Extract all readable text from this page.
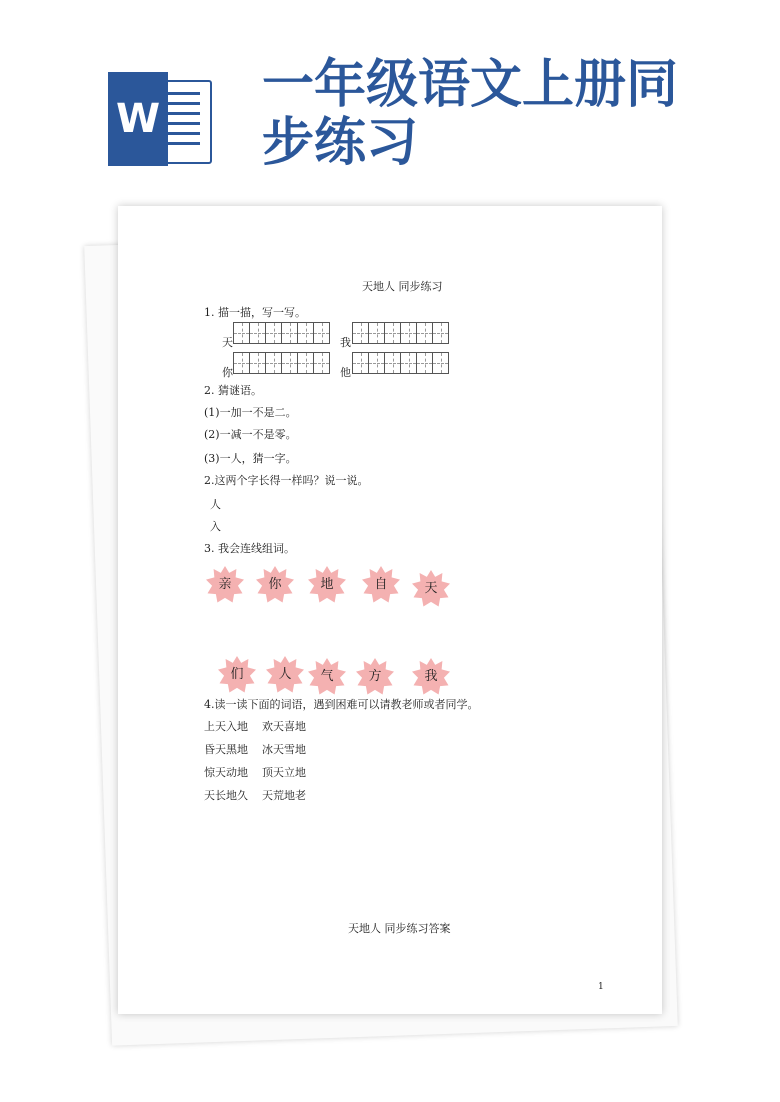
W
一年级语文上册同步练习
天地人 同步练习
1. 描一描，写一写。
天	我
你	他
2. 猜谜语。
(1)一加一不是二。
(2)一减一不是零。
(3)一人，猜一字。
2.这两个字长得一样吗？说一说。
人
入
3. 我会连线组词。
亲	你	地	自	天
们	人	气	方	我
4.读一读下面的词语，遇到困难可以请教老师或者同学。
上天入地 欢天喜地
昏天黑地 冰天雪地
惊天动地 顶天立地
天长地久 天荒地老
天地人 同步练习答案
1
